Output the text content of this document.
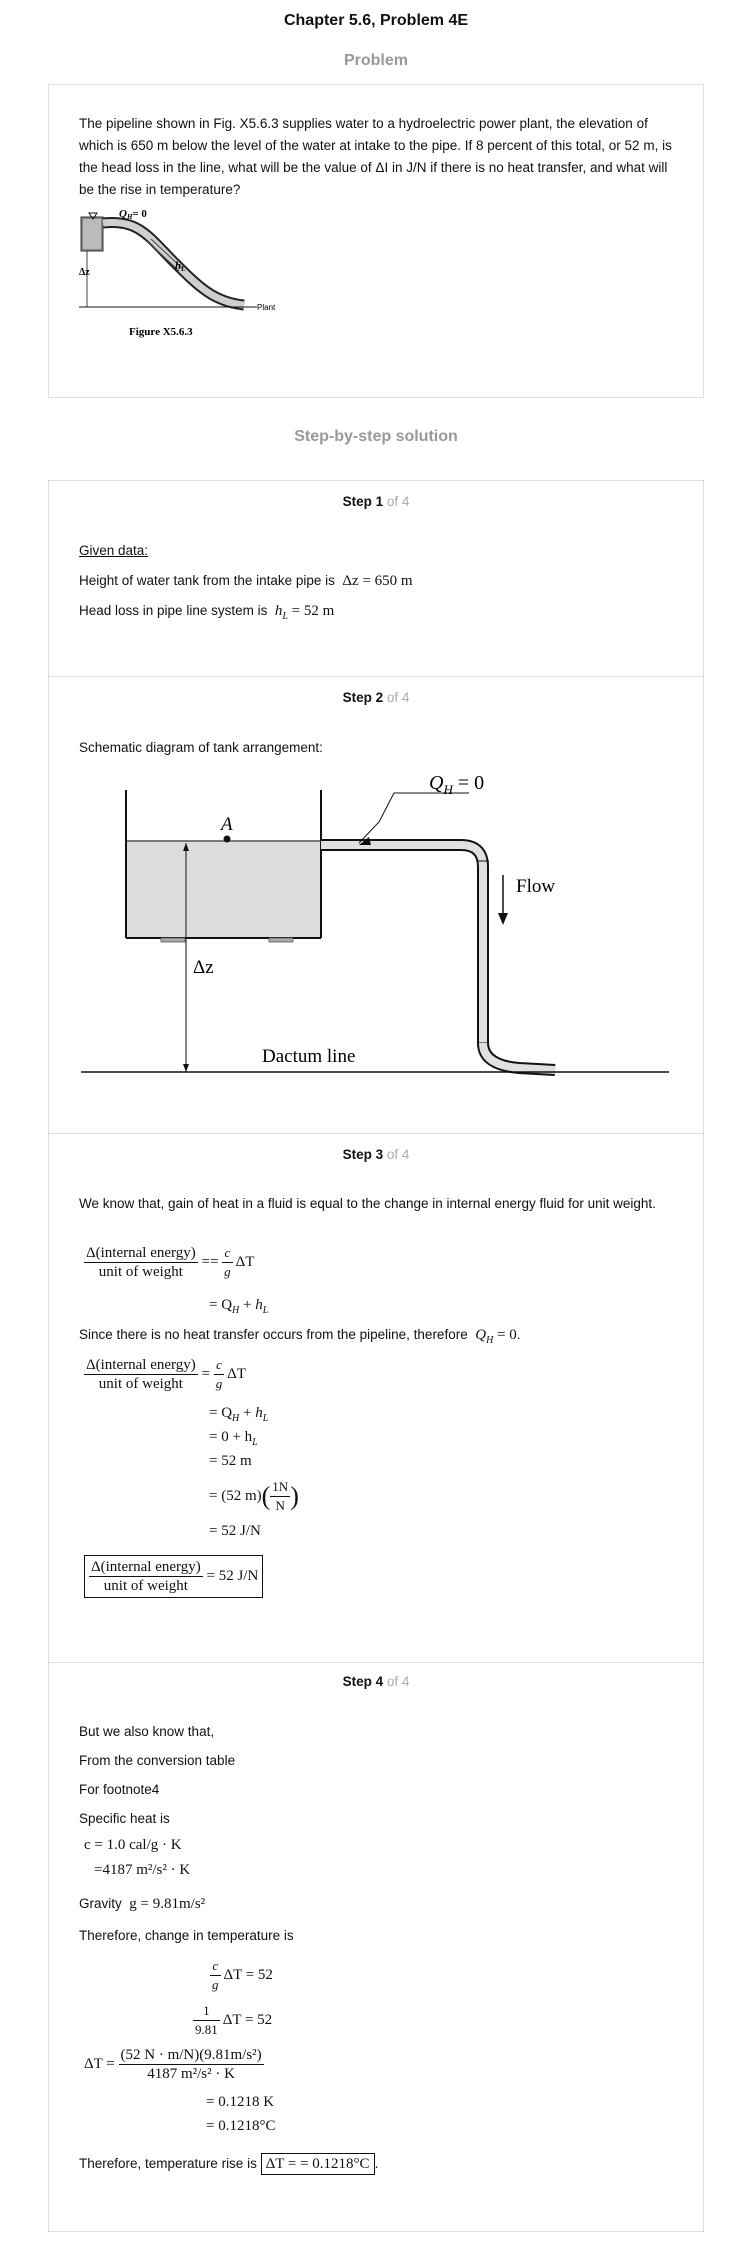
Chapter 5.6, Problem 4E
Problem
The pipeline shown in Fig. X5.6.3 supplies water to a hydroelectric power plant, the elevation of which is 650 m below the level of the water at intake to the pipe. If 8 percent of this total, or 52 m, is the head loss in the line, what will be the value of ΔI in J/N if there is no heat transfer, and what will be the rise in temperature?
Δz
QH= 0
hL
Plant
Figure X5.6.3
Step-by-step solution
Step 1 of 4
Given data:
Height of water tank from the intake pipe is Δz = 650 m
Head loss in pipe line system is $h_L = 52$ m
Step 2 of 4
Schematic diagram of tank arrangement:
A
$Q_H = 0$
Flow
Δz
Dactum line
Step 3 of 4
We know that, gain of heat in a fluid is equal to the change in internal energy fluid for unit weight.
$\frac{\text{Δ(internal energy)}}{\text{unit of weight}} == \frac{c}{g}$ ΔT
= $Q_H + h_L$
Since there is no heat transfer occurs from the pipeline, therefore $Q_H = 0$.
$\frac{\text{Δ(internal energy)}}{\text{unit of weight}} = \frac{c}{g}$ ΔT
= $Q_H + h_L$
= $0 + h_L$
= 52 m
= (52 $m)( \frac{1N}{N}$ )
= 52 J/N
$\frac{\text{Δ(internal energy)}}{\text{unit of weight}} = 52$ J/N
Step 4 of 4
But we also know that,
From the conversion table
For footnote4
Specific heat is
c = 1.0 cal/g · K
=4187 m²/s² · K
Gravity g = 9.81m/s²
Therefore, change in temperature is
$\frac{c}{g}$ ΔT = 52
$\frac{1}{9.81}$ ΔT = 52
$\Delta T = \frac{\text{(52 N · m/N)(9.81m/s²)}}{\text{4187 m²/s² · K}}$
= 0.1218 K
= 0.1218°C
Therefore, temperature rise is ΔT = = 0.1218°C .
